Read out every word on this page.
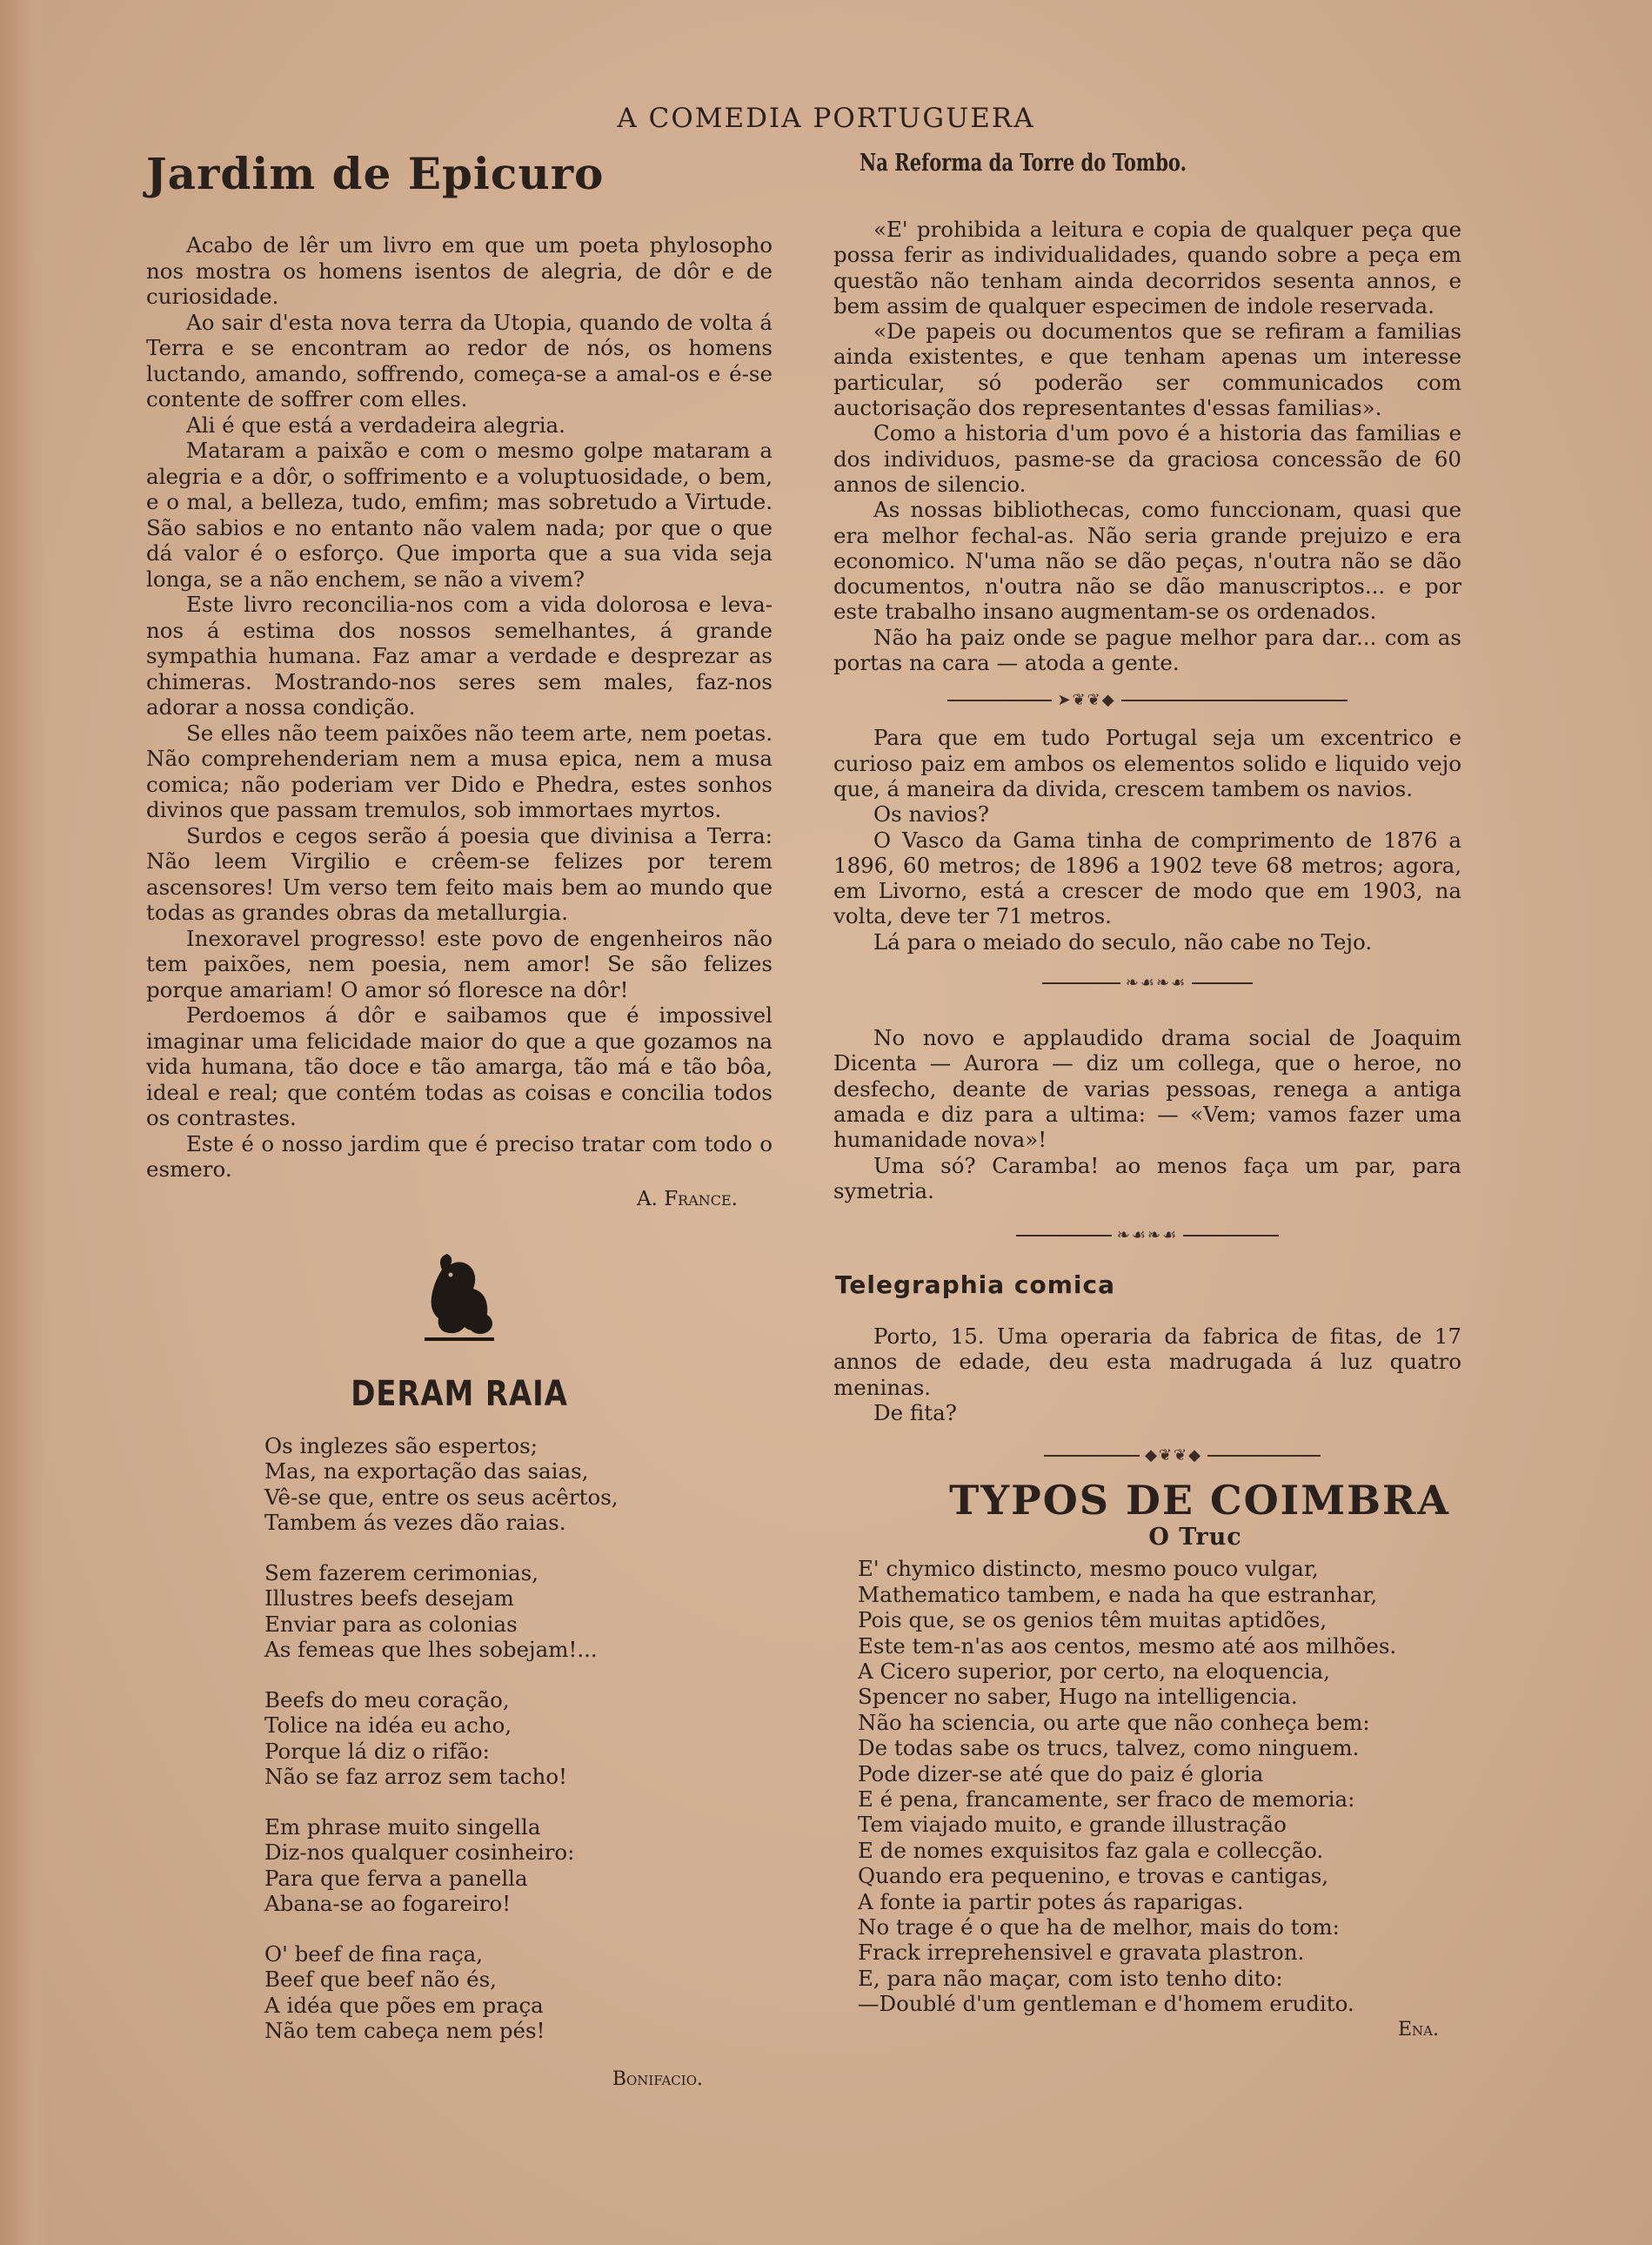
A COMEDIA PORTUGUERA
Jardim de Epicuro

Acabo de lêr um livro em que um poeta phylosopho nos mostra os homens isentos de alegria, de dôr e de curiosidade.

Ao sair d'esta nova terra da Utopia, quando de volta á Terra e se encontram ao redor de nós, os homens luctando, amando, soffrendo, começa-se a amal-os e é-se contente de soffrer com elles.

Ali é que está a verdadeira alegria.

Mataram a paixão e com o mesmo golpe mataram a alegria e a dôr, o soffrimento e a voluptuosidade, o bem, e o mal, a belleza, tudo, emfim; mas sobretudo a Virtude. São sabios e no entanto não valem nada; por que o que dá valor é o esforço. Que importa que a sua vida seja longa, se a não enchem, se não a vivem?

Este livro reconcilia-nos com a vida dolorosa e leva-nos á estima dos nossos semelhantes, á grande sympathia humana. Faz amar a verdade e desprezar as chimeras. Mostrando-nos seres sem males, faz-nos adorar a nossa condição.

Se elles não teem paixões não teem arte, nem poetas. Não comprehenderiam nem a musa epica, nem a musa comica; não poderiam ver Dido e Phedra, estes sonhos divinos que passam tremulos, sob immortaes myrtos.

Surdos e cegos serão á poesia que divinisa a Terra: Não leem Virgilio e crêem-se felizes por terem ascensores! Um verso tem feito mais bem ao mundo que todas as grandes obras da metallurgia.

Inexoravel progresso! este povo de engenheiros não tem paixões, nem poesia, nem amor! Se são felizes porque amariam! O amor só floresce na dôr!

Perdoemos á dôr e saibamos que é impossivel imaginar uma felicidade maior do que a que gozamos na vida humana, tão doce e tão amarga, tão má e tão bôa, ideal e real; que contém todas as coisas e concilia todos os contrastes.

Este é o nosso jardim que é preciso tratar com todo o esmero.

A. France.
DERAM RAIA
Os inglezes são espertos;
Mas, na exportação das saias,
Vê-se que, entre os seus acêrtos,
Tambem ás vezes dão raias.
Sem fazerem cerimonias,
Illustres beefs desejam
Enviar para as colonias
As femeas que lhes sobejam!...
Beefs do meu coração,
Tolice na idéa eu acho,
Porque lá diz o rifão:
Não se faz arroz sem tacho!
Em phrase muito singella
Diz-nos qualquer cosinheiro:
Para que ferva a panella
Abana-se ao fogareiro!
O' beef de fina raça,
Beef que beef não és,
A idéa que pões em praça
Não tem cabeça nem pés!
Bonifacio.
Na Reforma da Torre do Tombo.

«E' prohibida a leitura e copia de qualquer peça que possa ferir as individualidades, quando sobre a peça em questão não tenham ainda decorridos sesenta annos, e bem assim de qualquer especimen de indole reservada.

«De papeis ou documentos que se refiram a familias ainda existentes, e que tenham apenas um interesse particular, só poderão ser communicados com auctorisação dos representantes d'essas familias».

Como a historia d'um povo é a historia das familias e dos individuos, pasme-se da graciosa concessão de 60 annos de silencio.

As nossas bibliothecas, como funccionam, quasi que era melhor fechal-as. Não seria grande prejuizo e era economico. N'uma não se dão peças, n'outra não se dão documentos, n'outra não se dão manuscriptos... e por este trabalho insano augmentam-se os ordenados.

Não ha paiz onde se pague melhor para dar... com as portas na cara — atoda a gente.

➤❦❦◆

Para que em tudo Portugal seja um excentrico e curioso paiz em ambos os elementos solido e liquido vejo que, á maneira da divida, crescem tambem os navios.

Os navios?

O Vasco da Gama tinha de comprimento de 1876 a 1896, 60 metros; de 1896 a 1902 teve 68 metros; agora, em Livorno, está a crescer de modo que em 1903, na volta, deve ter 71 metros.

Lá para o meiado do seculo, não cabe no Tejo.

❧☙❧☙

No novo e applaudido drama social de Joaquim Dicenta — Aurora — diz um collega, que o heroe, no desfecho, deante de varias pessoas, renega a antiga amada e diz para a ultima: — «Vem; vamos fazer uma humanidade nova»!

Uma só? Caramba! ao menos faça um par, para symetria.

❧☙❧☙
Telegraphia comica

Porto, 15. Uma operaria da fabrica de fitas, de 17 annos de edade, deu esta madrugada á luz quatro meninas.

De fita?

◆❦❦◆
TYPOS DE COIMBRA
O Truc
E' chymico distincto, mesmo pouco vulgar,
Mathematico tambem, e nada ha que estranhar,
Pois que, se os genios têm muitas aptidões,
Este tem-n'as aos centos, mesmo até aos milhões.
A Cicero superior, por certo, na eloquencia,
Spencer no saber, Hugo na intelligencia.
Não ha sciencia, ou arte que não conheça bem:
De todas sabe os trucs, talvez, como ninguem.
Pode dizer-se até que do paiz é gloria
E é pena, francamente, ser fraco de memoria:
Tem viajado muito, e grande illustração
E de nomes exquisitos faz gala e collecção.
Quando era pequenino, e trovas e cantigas,
A fonte ia partir potes ás raparigas.
No trage é o que ha de melhor, mais do tom:
Frack irreprehensivel e gravata plastron.
E, para não maçar, com isto tenho dito:
—Doublé d'um gentleman e d'homem erudito.
Ena.
